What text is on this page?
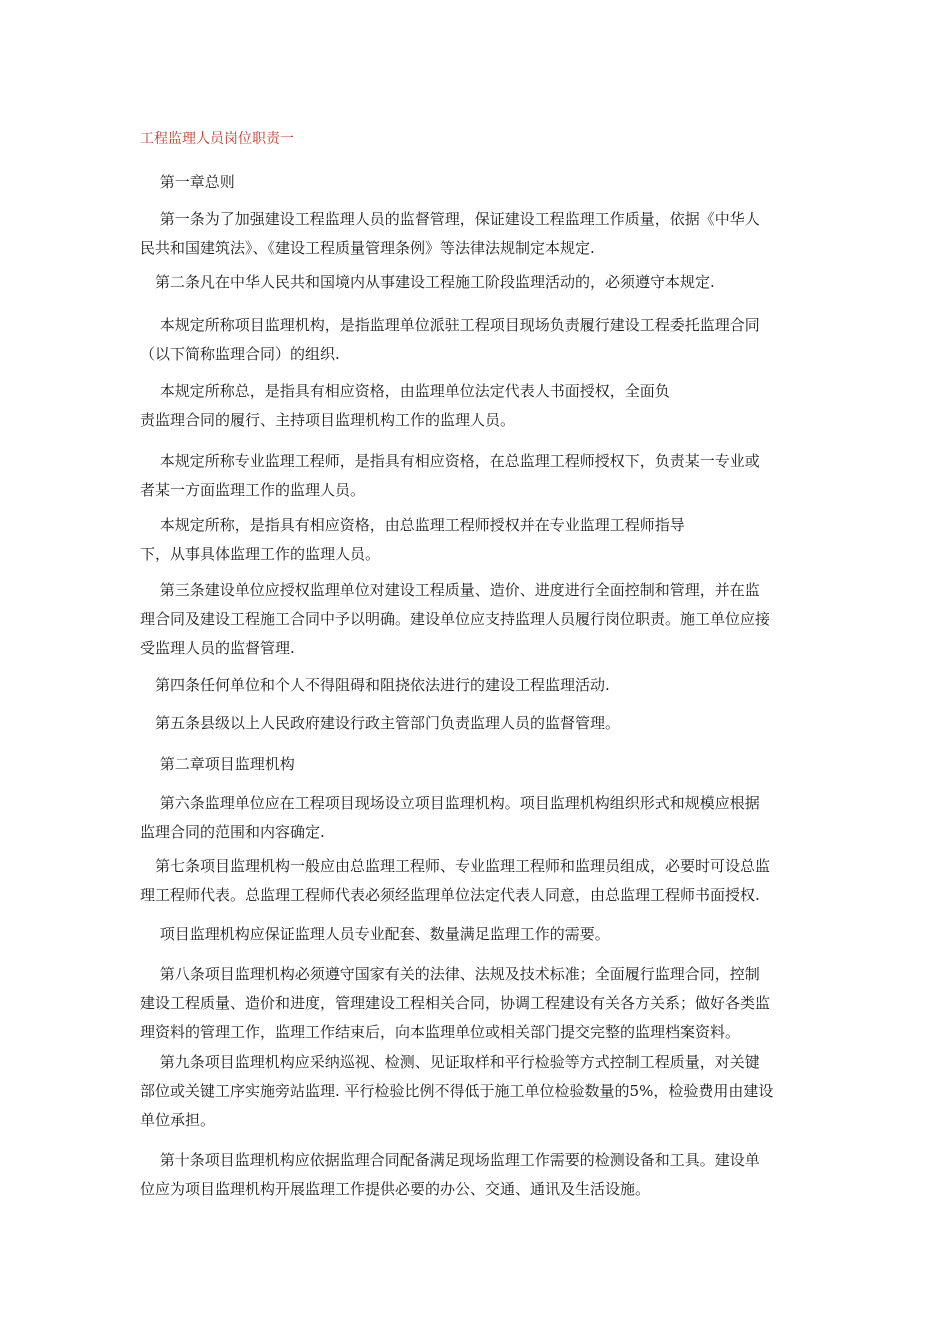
工程监理人员岗位职责一

　 第一章总则

　 第一条为了加强建设工程监理人员的监督管理，保证建设工程监理工作质量，依据《中华人
民共和国建筑法》、《建设工程质量管理条例》等法律法规制定本规定.

　第二条凡在中华人民共和国境内从事建设工程施工阶段监理活动的，必须遵守本规定.

　 本规定所称项目监理机构，是指监理单位派驻工程项目现场负责履行建设工程委托监理合同
（以下简称监理合同）的组织.

　 本规定所称总，是指具有相应资格，由监理单位法定代表人书面授权，全面负
责监理合同的履行、主持项目监理机构工作的监理人员。

　 本规定所称专业监理工程师，是指具有相应资格，在总监理工程师授权下，负责某一专业或
者某一方面监理工作的监理人员。

　 本规定所称，是指具有相应资格，由总监理工程师授权并在专业监理工程师指导
下，从事具体监理工作的监理人员。

　 第三条建设单位应授权监理单位对建设工程质量、造价、进度进行全面控制和管理，并在监
理合同及建设工程施工合同中予以明确。建设单位应支持监理人员履行岗位职责。施工单位应接
受监理人员的监督管理.

　第四条任何单位和个人不得阻碍和阻挠依法进行的建设工程监理活动.

　第五条县级以上人民政府建设行政主管部门负责监理人员的监督管理。

　 第二章项目监理机构

　 第六条监理单位应在工程项目现场设立项目监理机构。项目监理机构组织形式和规模应根据
监理合同的范围和内容确定.

　第七条项目监理机构一般应由总监理工程师、专业监理工程师和监理员组成，必要时可设总监
理工程师代表。总监理工程师代表必须经监理单位法定代表人同意，由总监理工程师书面授权.

　 项目监理机构应保证监理人员专业配套、数量满足监理工作的需要。

　 第八条项目监理机构必须遵守国家有关的法律、法规及技术标准；全面履行监理合同，控制
建设工程质量、造价和进度，管理建设工程相关合同，协调工程建设有关各方关系；做好各类监
理资料的管理工作，监理工作结束后，向本监理单位或相关部门提交完整的监理档案资料。

　 第九条项目监理机构应采纳巡视、检测、见证取样和平行检验等方式控制工程质量，对关键
部位或关键工序实施旁站监理. 平行检验比例不得低于施工单位检验数量的5%，检验费用由建设
单位承担。

　 第十条项目监理机构应依据监理合同配备满足现场监理工作需要的检测设备和工具。建设单
位应为项目监理机构开展监理工作提供必要的办公、交通、通讯及生活设施。
